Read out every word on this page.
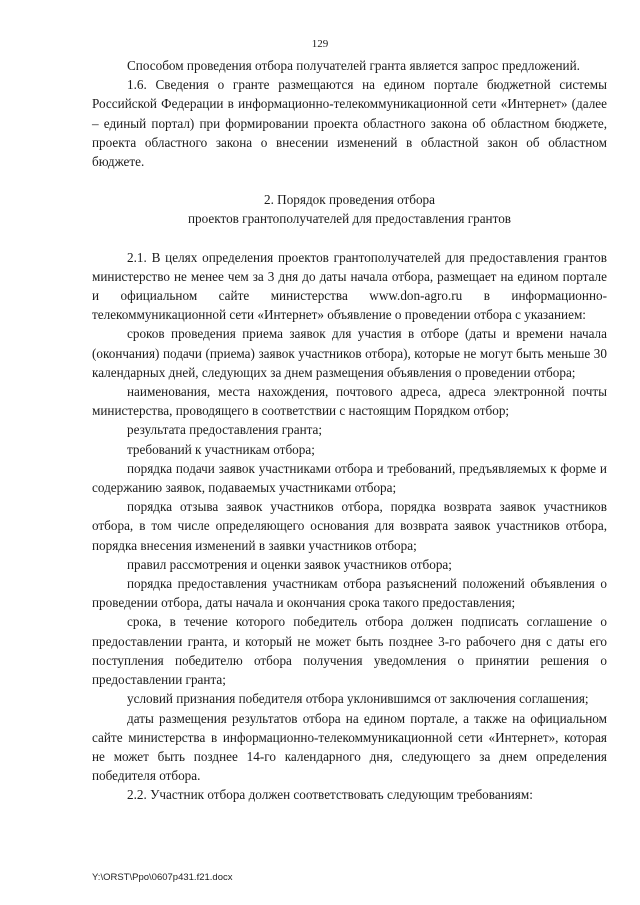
129

Способом проведения отбора получателей гранта является запрос предложений.

1.6. Сведения о гранте размещаются на едином портале бюджетной системы Российской Федерации в информационно-телекоммуникационной сети «Интернет» (далее – единый портал) при формировании проекта областного закона об областном бюджете, проекта областного закона о внесении изменений в областной закон об областном бюджете.

2. Порядок проведения отбора

проектов грантополучателей для предоставления грантов

2.1. В целях определения проектов грантополучателей для предоставления грантов министерство не менее чем за 3 дня до даты начала отбора, размещает на едином портале и официальном сайте министерства www.don-agro.ru в информационно-телекоммуникационной сети «Интернет» объявление о проведении отбора с указанием:

сроков проведения приема заявок для участия в отборе (даты и времени начала (окончания) подачи (приема) заявок участников отбора), которые не могут быть меньше 30 календарных дней, следующих за днем размещения объявления о проведении отбора;

наименования, места нахождения, почтового адреса, адреса электронной почты министерства, проводящего в соответствии с настоящим Порядком отбор;

результата предоставления гранта;

требований к участникам отбора;

порядка подачи заявок участниками отбора и требований, предъявляемых к форме и содержанию заявок, подаваемых участниками отбора;

порядка отзыва заявок участников отбора, порядка возврата заявок участников отбора, в том числе определяющего основания для возврата заявок участников отбора, порядка внесения изменений в заявки участников отбора;

правил рассмотрения и оценки заявок участников отбора;

порядка предоставления участникам отбора разъяснений положений объявления о проведении отбора, даты начала и окончания срока такого предоставления;

срока, в течение которого победитель отбора должен подписать соглашение о предоставлении гранта, и который не может быть позднее 3-го рабочего дня с даты его поступления победителю отбора получения уведомления о принятии решения о предоставлении гранта;

условий признания победителя отбора уклонившимся от заключения соглашения;

даты размещения результатов отбора на едином портале, а также на официальном сайте министерства в информационно-телекоммуникационной сети «Интернет», которая не может быть позднее 14-го календарного дня, следующего за днем определения победителя отбора.

2.2. Участник отбора должен соответствовать следующим требованиям:

Y:\ORST\Ppo\0607p431.f21.docx
